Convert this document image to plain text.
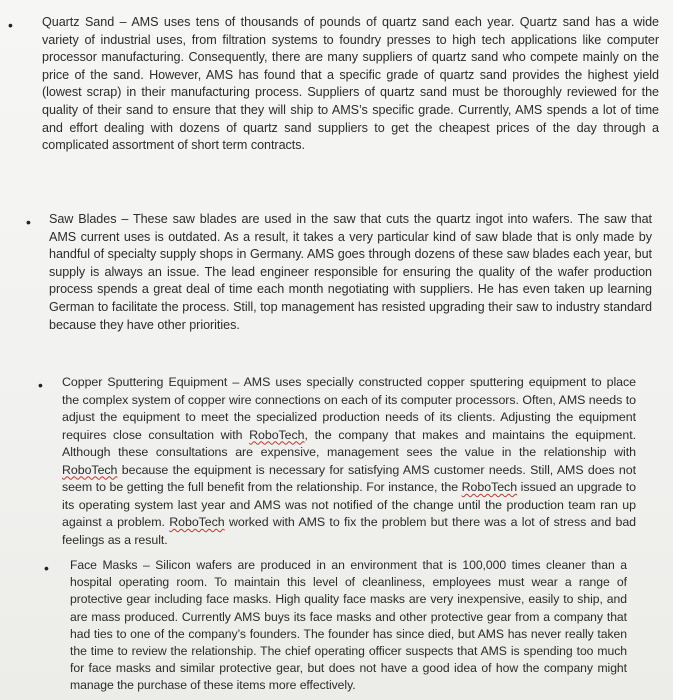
• Quartz Sand – AMS uses tens of thousands of pounds of quartz sand each year. Quartz sand has a wide variety of industrial uses, from filtration systems to foundry presses to high tech applications like computer processor manufacturing. Consequently, there are many suppliers of quartz sand who compete mainly on the price of the sand. However, AMS has found that a specific grade of quartz sand provides the highest yield (lowest scrap) in their manufacturing process. Suppliers of quartz sand must be thoroughly reviewed for the quality of their sand to ensure that they will ship to AMS’s specific grade. Currently, AMS spends a lot of time and effort dealing with dozens of quartz sand suppliers to get the cheapest prices of the day through a complicated assortment of short term contracts.
• Saw Blades – These saw blades are used in the saw that cuts the quartz ingot into wafers. The saw that AMS current uses is outdated. As a result, it takes a very particular kind of saw blade that is only made by handful of specialty supply shops in Germany. AMS goes through dozens of these saw blades each year, but supply is always an issue. The lead engineer responsible for ensuring the quality of the wafer production process spends a great deal of time each month negotiating with suppliers. He has even taken up learning German to facilitate the process. Still, top management has resisted upgrading their saw to industry standard because they have other priorities.
• Copper Sputtering Equipment – AMS uses specially constructed copper sputtering equipment to place the complex system of copper wire connections on each of its computer processors. Often, AMS needs to adjust the equipment to meet the specialized production needs of its clients. Adjusting the equipment requires close consultation with RoboTech, the company that makes and maintains the equipment. Although these consultations are expensive, management sees the value in the relationship with RoboTech because the equipment is necessary for satisfying AMS customer needs. Still, AMS does not seem to be getting the full benefit from the relationship. For instance, the RoboTech issued an upgrade to its operating system last year and AMS was not notified of the change until the production team ran up against a problem. RoboTech worked with AMS to fix the problem but there was a lot of stress and bad feelings as a result.
• Face Masks – Silicon wafers are produced in an environment that is 100,000 times cleaner than a hospital operating room. To maintain this level of cleanliness, employees must wear a range of protective gear including face masks. High quality face masks are very inexpensive, easily to ship, and are mass produced. Currently AMS buys its face masks and other protective gear from a company that had ties to one of the company’s founders. The founder has since died, but AMS has never really taken the time to review the relationship. The chief operating officer suspects that AMS is spending too much for face masks and similar protective gear, but does not have a good idea of how the company might manage the purchase of these items more effectively.
